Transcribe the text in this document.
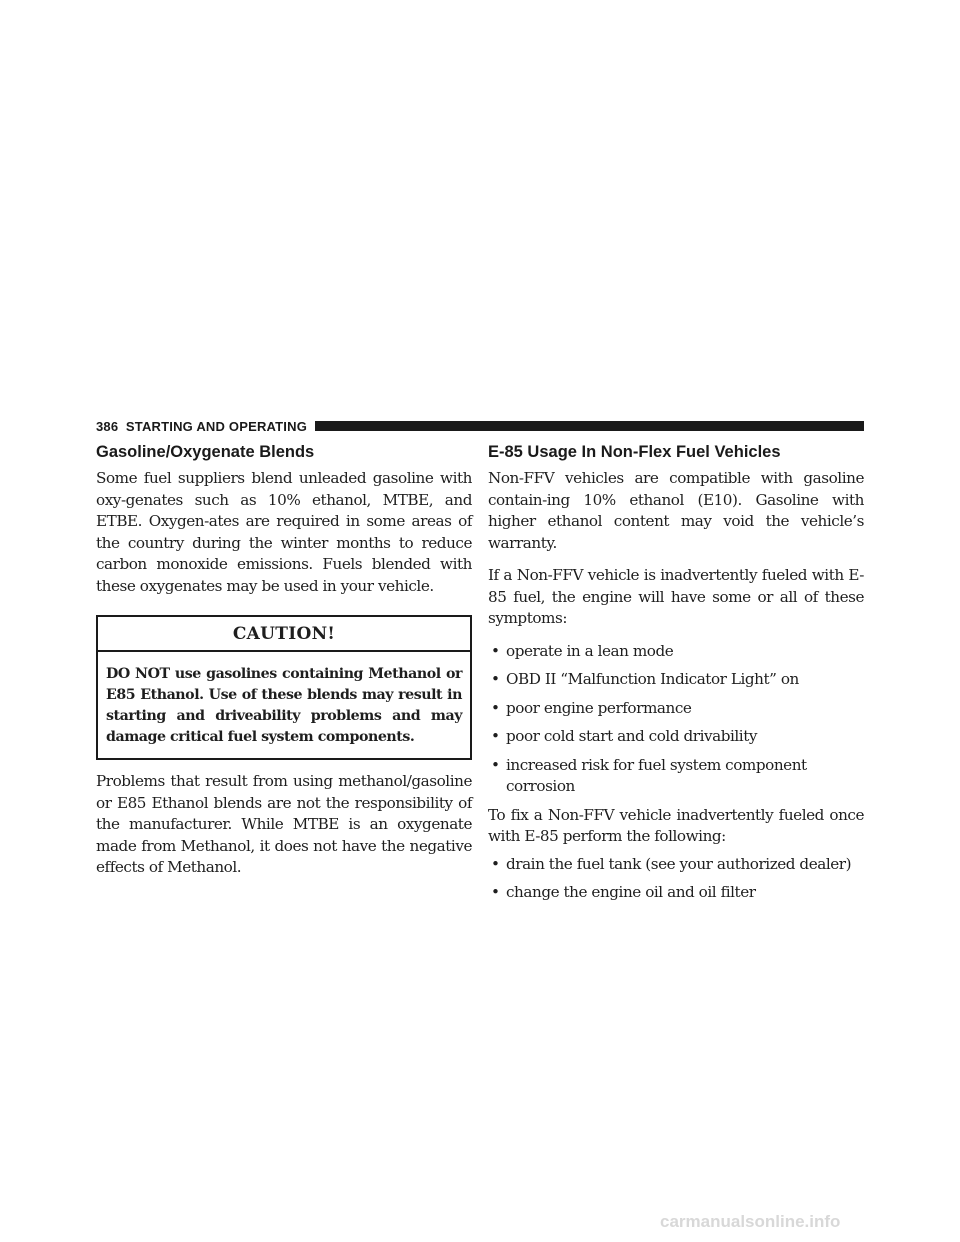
386 STARTING AND OPERATING
Gasoline/Oxygenate Blends

Some fuel suppliers blend unleaded gasoline with oxy-genates such as 10% ethanol, MTBE, and ETBE. Oxygen-ates are required in some areas of the country during the winter months to reduce carbon monoxide emissions. Fuels blended with these oxygenates may be used in your vehicle.

CAUTION!
DO NOT use gasolines containing Methanol or E85 Ethanol. Use of these blends may result in starting and driveability problems and may damage critical fuel system components.

Problems that result from using methanol/gasoline or E85 Ethanol blends are not the responsibility of the manufacturer. While MTBE is an oxygenate made from Methanol, it does not have the negative effects of Methanol.

E-85 Usage In Non-Flex Fuel Vehicles

Non-FFV vehicles are compatible with gasoline contain-ing 10% ethanol (E10). Gasoline with higher ethanol content may void the vehicle’s warranty.

If a Non-FFV vehicle is inadvertently fueled with E-85 fuel, the engine will have some or all of these symptoms:

• operate in a lean mode
• OBD II “Malfunction Indicator Light” on
• poor engine performance
• poor cold start and cold drivability
• increased risk for fuel system component corrosion

To fix a Non-FFV vehicle inadvertently fueled once with E-85 perform the following:

• drain the fuel tank (see your authorized dealer)
• change the engine oil and oil filter
carmanualsonline.info
